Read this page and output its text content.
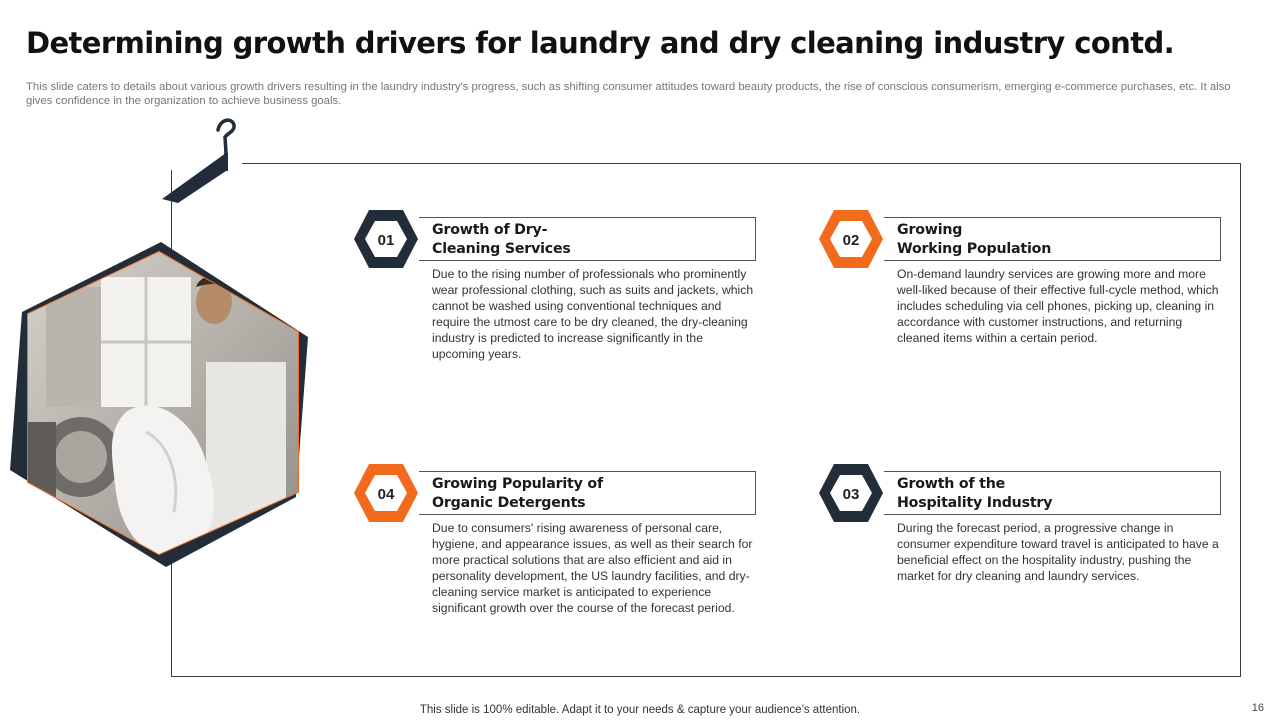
Determining growth drivers for laundry and dry cleaning industry contd.

This slide caters to details about various growth drivers resulting in the laundry industry's progress, such as shifting consumer attitudes toward beauty products, the rise of conscious consumerism, emerging e-commerce purchases, etc. It also gives confidence in the organization to achieve business goals.

01

Growth of Dry-
Cleaning Services

Due to the rising number of professionals who prominently wear professional clothing, such as suits and jackets, which cannot be washed using conventional techniques and require the utmost care to be dry cleaned, the dry-cleaning industry is predicted to increase significantly in the upcoming years.

02

Growing
Working Population

On-demand laundry services are growing more and more well-liked because of their effective full-cycle method, which includes scheduling via cell phones, picking up, cleaning in accordance with customer instructions, and returning cleaned items within a certain period.

04

Growing Popularity of
Organic Detergents

Due to consumers' rising awareness of personal care, hygiene, and appearance issues, as well as their search for more practical solutions that are also efficient and aid in personality development, the US laundry facilities, and dry-cleaning service market is anticipated to experience significant growth over the course of the forecast period.

03

Growth of the
Hospitality Industry

During the forecast period, a progressive change in consumer expenditure toward travel is anticipated to have a beneficial effect on the hospitality industry, pushing the market for dry cleaning and laundry services.

This slide is 100% editable. Adapt it to your needs & capture your audience’s attention.	16
